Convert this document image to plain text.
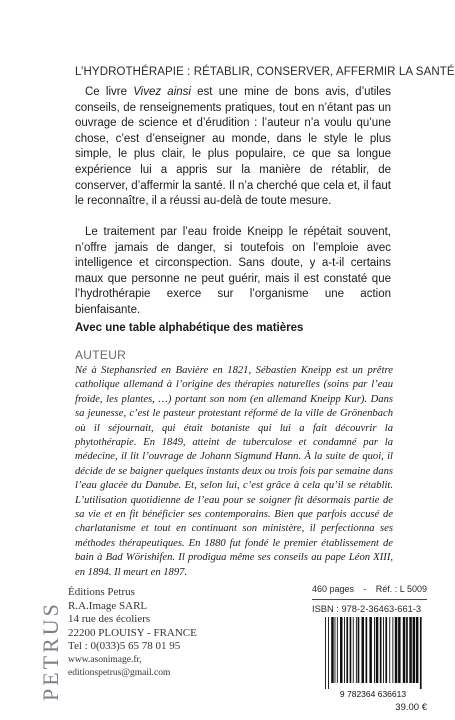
L’HYDROTHÉRAPIE : RÉTABLIR, CONSERVER, AFFERMIR LA SANTÉ

Ce livre Vivez ainsi est une mine de bons avis, d’utiles conseils, de renseignements pratiques, tout en n’étant pas un ouvrage de science et d’érudition : l’auteur n’a voulu qu’une chose, c’est d’enseigner au monde, dans le style le plus simple, le plus clair, le plus populaire, ce que sa longue expérience lui a appris sur la manière de rétablir, de conserver, d’affermir la santé. Il n’a cherché que cela et, il faut le reconnaître, il a réussi au-delà de toute mesure.

Le traitement par l’eau froide Kneipp le répétait souvent, n’offre jamais de danger, si toutefois on l’emploie avec intelligence et circonspection. Sans doute, y a-t-il certains maux que personne ne peut guérir, mais il est constaté que l’hydrothérapie exerce sur l’organisme une action bienfaisante.

Avec une table alphabétique des matières
AUTEUR

Né à Stephansried en Bavière en 1821, Sébastien Kneipp est un prêtre catholique allemand à l’origine des thérapies naturelles (soins par l’eau froide, les plantes, …) portant son nom (en allemand Kneipp Kur). Dans sa jeunesse, c’est le pasteur protestant réformé de la ville de Grönenbach où il séjournait, qui était botaniste qui lui a fait découvrir la phytothérapie. En 1849, atteint de tuberculose et condamné par la médecine, il lit l’ouvrage de Johann Sigmund Hann. À la suite de quoi, il décide de se baigner quelques instants deux ou trois fois par semaine dans l’eau glacée du Danube. Et, selon lui, c’est grâce à cela qu’il se rétablit. L’utilisation quotidienne de l’eau pour se soigner fit désormais partie de sa vie et en fit bénéficier ses contemporains. Bien que parfois accusé de charlatanisme et tout en continuant son ministère, il perfectionna ses méthodes thérapeutiques. En 1880 fut fondé le premier établissement de bain à Bad Wörishifen. Il prodigua même ses conseils au pape Léon XIII, en 1894. Il meurt en 1897.

PETRUS
Éditions Petrus
R.A.Image SARL
14 rue des écoliers
22200 PLOUISY - FRANCE
Tel : 0(033)5 65 78 01 95
www.asonimage.fr,
editionspetrus@gmail.com
460 pages - Réf. : L 5009
ISBN : 978-2-36463-661-3
9 782364 636613
39.00 €
